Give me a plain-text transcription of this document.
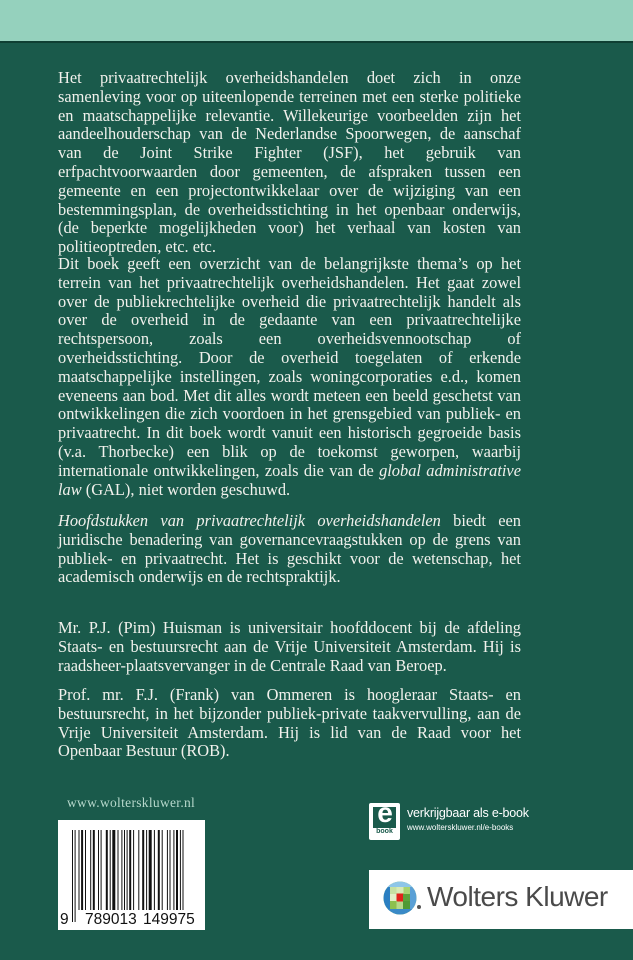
Het privaatrechtelijk overheidshandelen doet zich in onze samenleving voor op uiteenlopende terreinen met een sterke politieke en maatschappelijke relevantie. Willekeurige voorbeelden zijn het aandeelhouderschap van de Nederlandse Spoorwegen, de aanschaf van de Joint Strike Fighter (JSF), het gebruik van erfpachtvoorwaarden door gemeenten, de afspraken tussen een gemeente en een projectontwikkelaar over de wijziging van een bestemmingsplan, de overheidsstichting in het openbaar onderwijs, (de beperkte mogelijkheden voor) het verhaal van kosten van politieoptreden, etc. etc.

Dit boek geeft een overzicht van de belangrijkste thema’s op het terrein van het privaatrechtelijk overheidshandelen. Het gaat zowel over de publiekrechtelijke overheid die privaatrechtelijk handelt als over de overheid in de gedaante van een privaatrechtelijke rechtspersoon, zoals een overheidsvennootschap of overheidsstichting. Door de overheid toegelaten of erkende maatschappelijke instellingen, zoals woningcorporaties e.d., komen eveneens aan bod. Met dit alles wordt meteen een beeld geschetst van ontwikkelingen die zich voordoen in het grensgebied van publiek- en privaatrecht. In dit boek wordt vanuit een historisch gegroeide basis (v.a. Thorbecke) een blik op de toekomst geworpen, waarbij internationale ontwikkelingen, zoals die van de global administrative law (GAL), niet worden geschuwd.

Hoofdstukken van privaatrechtelijk overheidshandelen biedt een juridische benadering van governancevraagstukken op de grens van publiek- en privaatrecht. Het is geschikt voor de wetenschap, het academisch onderwijs en de rechtspraktijk.

Mr. P.J. (Pim) Huisman is universitair hoofddocent bij de afdeling Staats- en bestuursrecht aan de Vrije Universiteit Amsterdam. Hij is raadsheer-plaatsvervanger in de Centrale Raad van Beroep.

Prof. mr. F.J. (Frank) van Ommeren is hoogleraar Staats- en bestuursrecht, in het bijzonder publiek-private taakvervulling, aan de Vrije Universiteit Amsterdam. Hij is lid van de Raad voor het Openbaar Bestuur (ROB).

www.wolterskluwer.nl
9 789013 149975
e
book
verkrijgbaar als e-book
www.wolterskluwer.nl/e-books
Wolters Kluwer
